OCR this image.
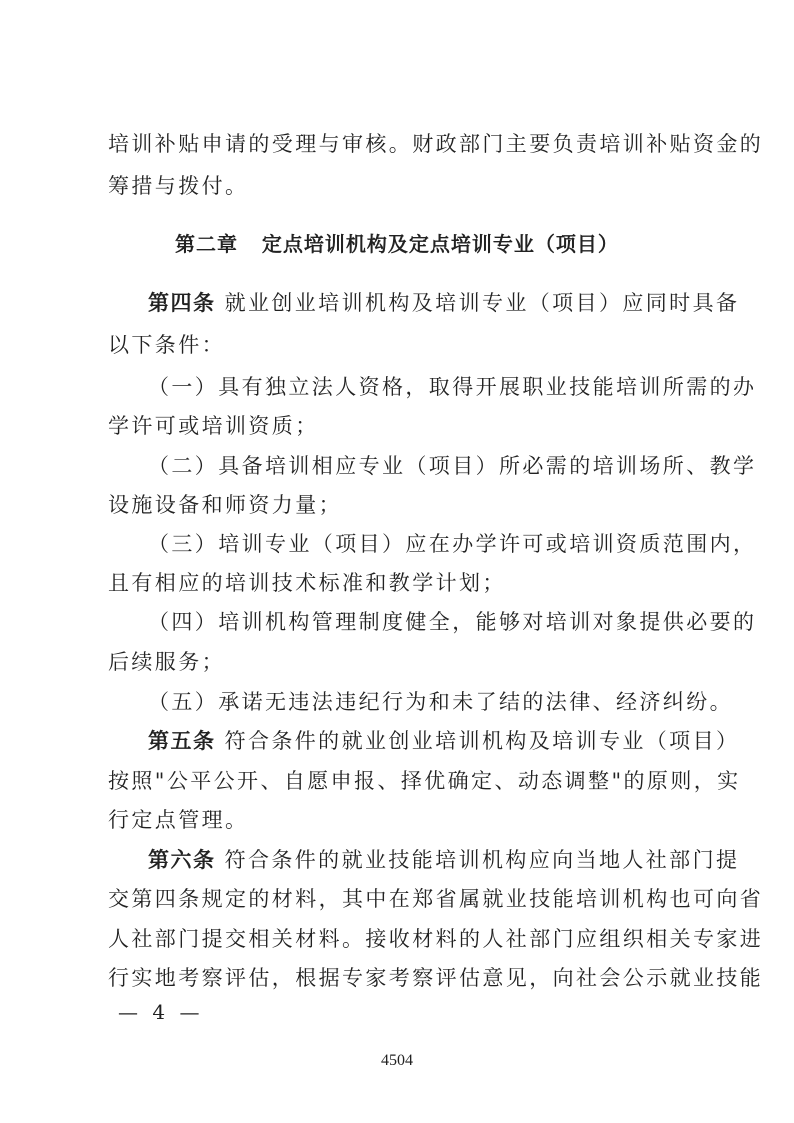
培训补贴申请的受理与审核。财政部门主要负责培训补贴资金的
筹措与拨付。
第二章   定点培训机构及定点培训专业（项目）
第四条 就业创业培训机构及培训专业（项目）应同时具备
以下条件：
（一）具有独立法人资格，取得开展职业技能培训所需的办
学许可或培训资质；
（二）具备培训相应专业（项目）所必需的培训场所、教学
设施设备和师资力量；
（三）培训专业（项目）应在办学许可或培训资质范围内，
且有相应的培训技术标准和教学计划；
（四）培训机构管理制度健全，能够对培训对象提供必要的
后续服务；
（五）承诺无违法违纪行为和未了结的法律、经济纠纷。
第五条 符合条件的就业创业培训机构及培训专业（项目）
按照"公平公开、自愿申报、择优确定、动态调整"的原则，实
行定点管理。
第六条 符合条件的就业技能培训机构应向当地人社部门提
交第四条规定的材料，其中在郑省属就业技能培训机构也可向省
人社部门提交相关材料。接收材料的人社部门应组织相关专家进
行实地考察评估，根据专家考察评估意见，向社会公示就业技能
— 4 —
4504
